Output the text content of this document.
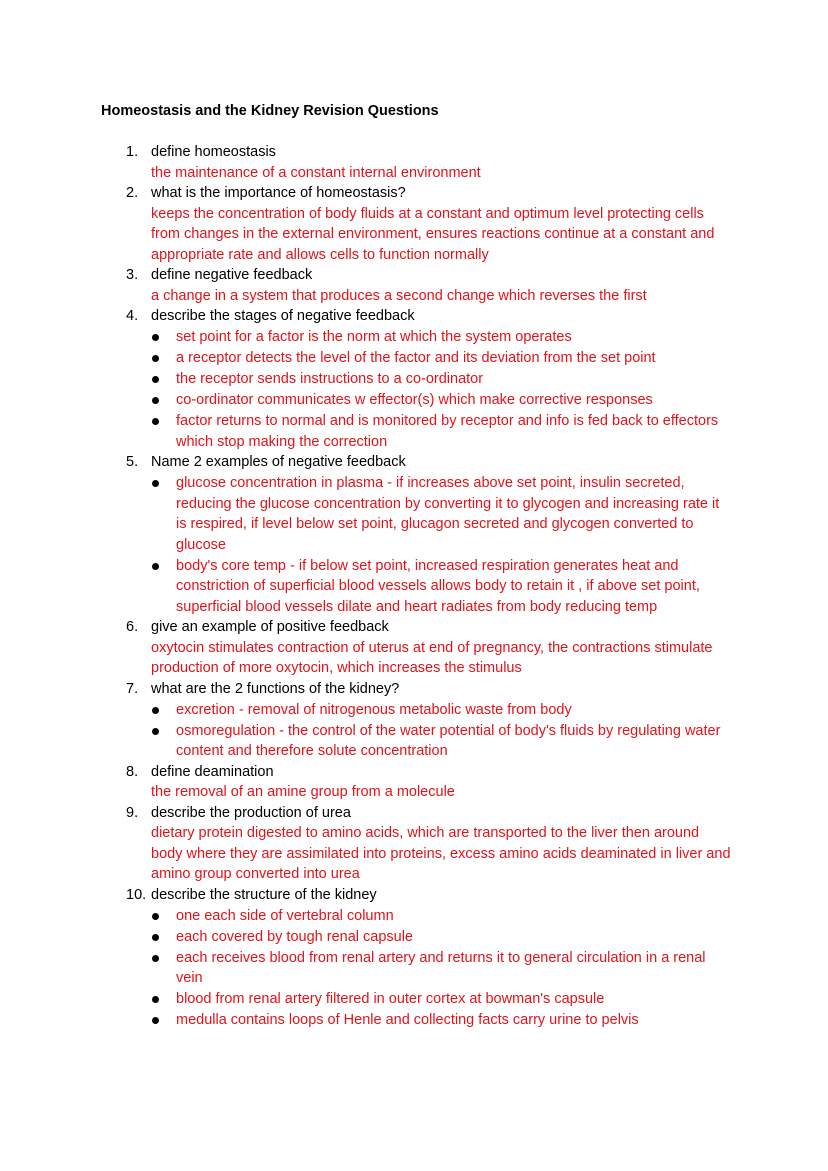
Homeostasis and the Kidney Revision Questions
1. define homeostasis
the maintenance of a constant internal environment
2. what is the importance of homeostasis?
keeps the concentration of body fluids at a constant and optimum level protecting cells from changes in the external environment, ensures reactions continue at a constant and appropriate rate and allows cells to function normally
3. define negative feedback
a change in a system that produces a second change which reverses the first
4. describe the stages of negative feedback
set point for a factor is the norm at which the system operates
a receptor detects the level of the factor and its deviation from the set point
the receptor sends instructions to a co-ordinator
co-ordinator communicates w effector(s) which make corrective responses
factor returns to normal and is monitored by receptor and info is fed back to effectors which stop making the correction
5. Name 2 examples of negative feedback
glucose concentration in plasma - if increases above set point, insulin secreted, reducing the glucose concentration by converting it to glycogen and increasing rate it is respired, if level below set point, glucagon secreted and glycogen converted to glucose
body's core temp - if below set point, increased respiration generates heat and constriction of superficial blood vessels allows body to retain it , if above set point, superficial blood vessels dilate and heart radiates from body reducing temp
6. give an example of positive feedback
oxytocin stimulates contraction of uterus at end of pregnancy, the contractions stimulate production of more oxytocin, which increases the stimulus
7. what are the 2 functions of the kidney?
excretion - removal of nitrogenous metabolic waste from body
osmoregulation - the control of the water potential of body's fluids by regulating water content and therefore solute concentration
8. define deamination
the removal of an amine group from a molecule
9. describe the production of urea
dietary protein digested to amino acids, which are transported to the liver then around body where they are assimilated into proteins, excess amino acids deaminated in liver and amino group converted into urea
10. describe the structure of the kidney
one each side of vertebral column
each covered by tough renal capsule
each receives blood from renal artery and returns it to general circulation in a renal vein
blood from renal artery filtered in outer cortex at bowman's capsule
medulla contains loops of Henle and collecting facts carry urine to pelvis
